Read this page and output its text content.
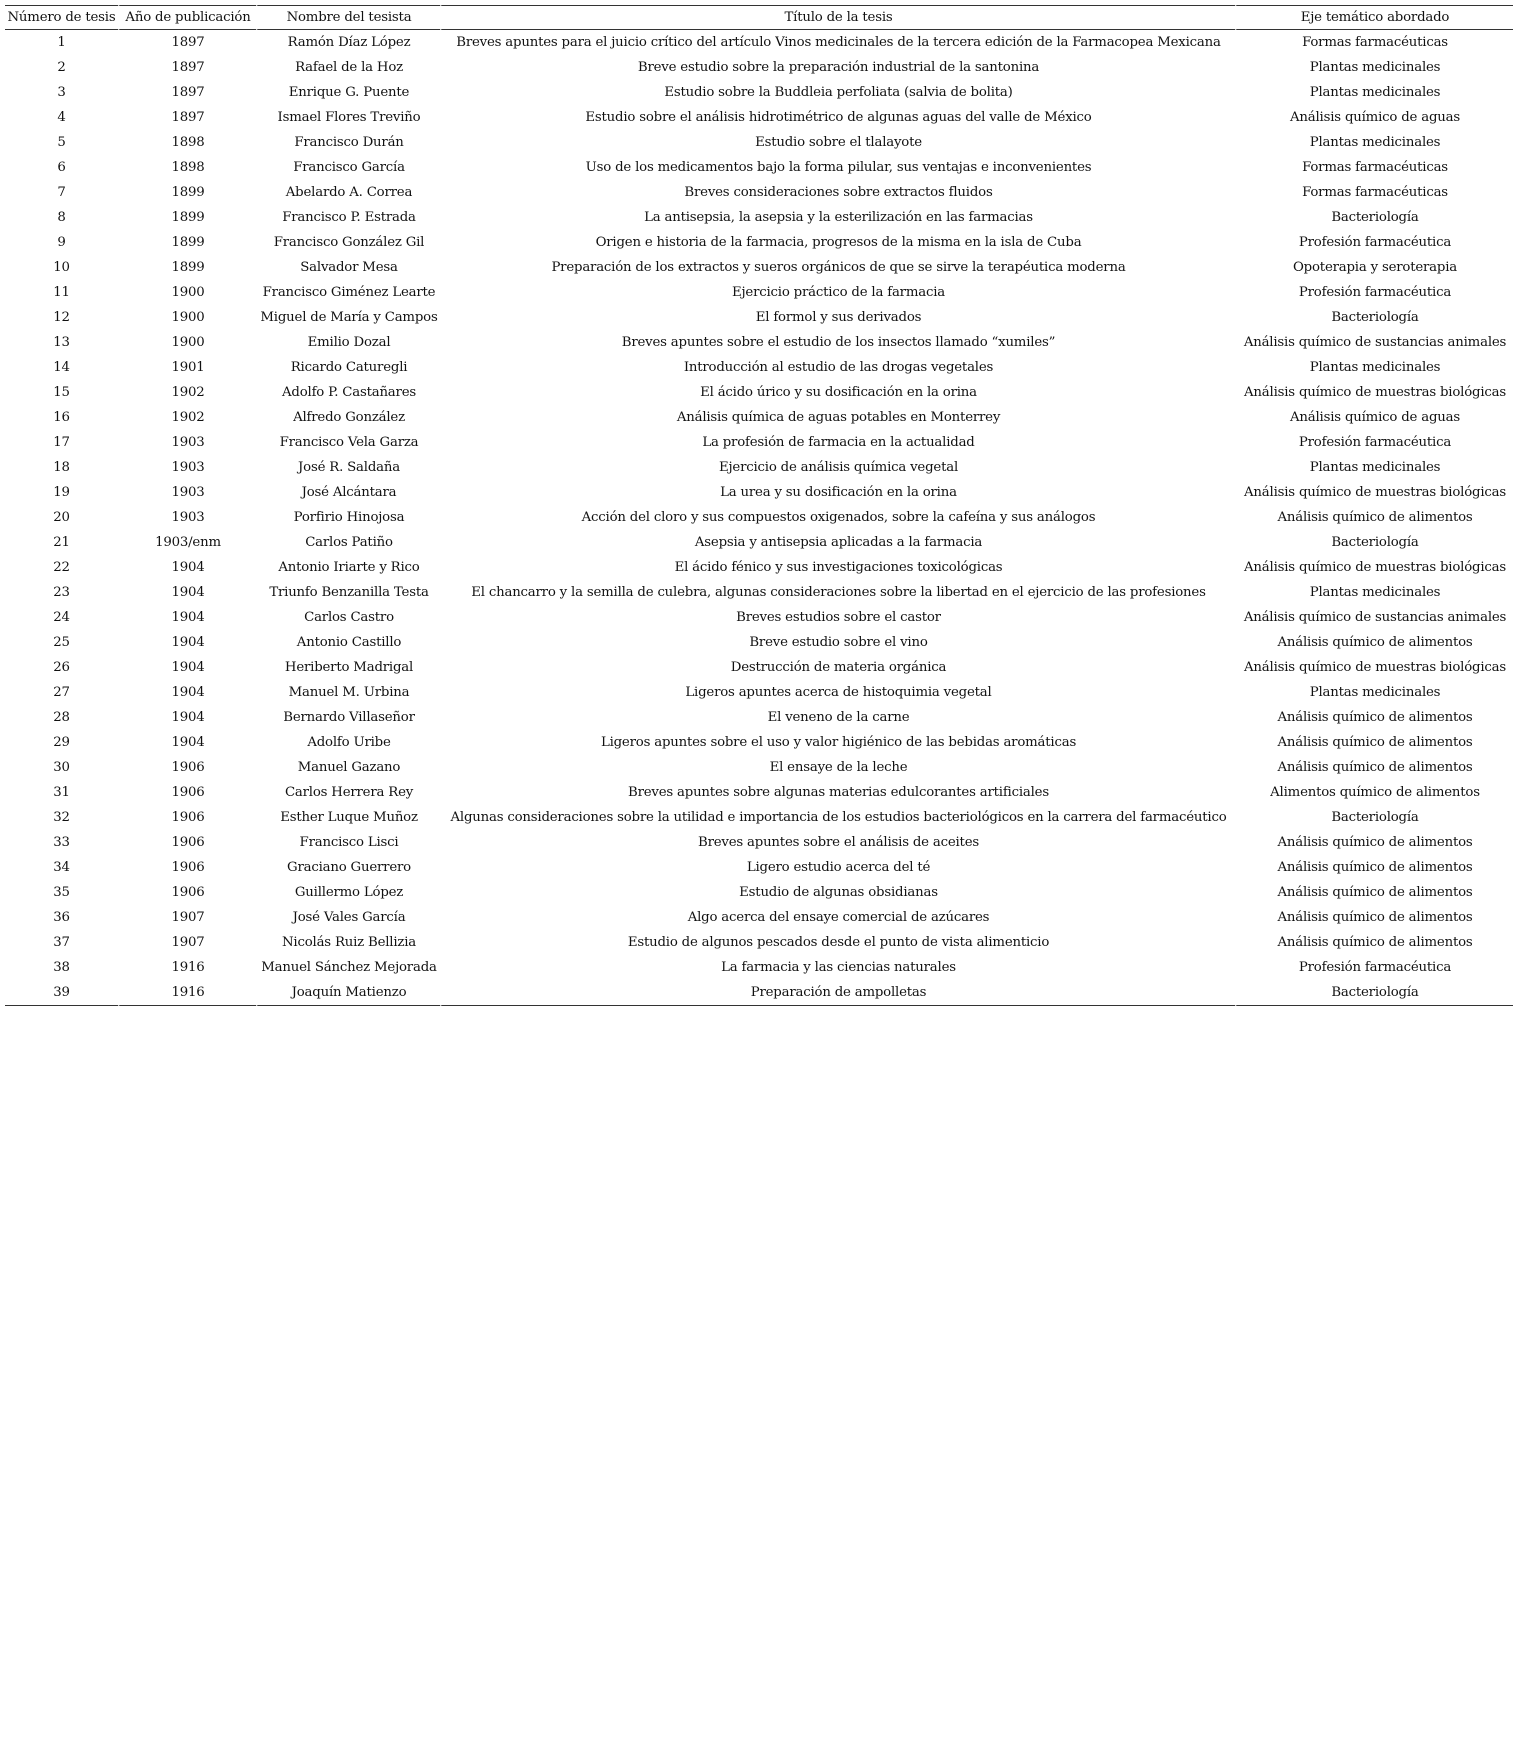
Número de tesis	Año de publicación	Nombre del tesista	Título de la tesis	Eje temático abordado
1	1897	Ramón Díaz López	Breves apuntes para el juicio crítico del artículo Vinos medicinales de la tercera edición de la Farmacopea Mexicana	Formas farmacéuticas
2	1897	Rafael de la Hoz	Breve estudio sobre la preparación industrial de la santonina	Plantas medicinales
3	1897	Enrique G. Puente	Estudio sobre la Buddleia perfoliata (salvia de bolita)	Plantas medicinales
4	1897	Ismael Flores Treviño	Estudio sobre el análisis hidrotimétrico de algunas aguas del valle de México	Análisis químico de aguas
5	1898	Francisco Durán	Estudio sobre el tlalayote	Plantas medicinales
6	1898	Francisco García	Uso de los medicamentos bajo la forma pilular, sus ventajas e inconvenientes	Formas farmacéuticas
7	1899	Abelardo A. Correa	Breves consideraciones sobre extractos fluidos	Formas farmacéuticas
8	1899	Francisco P. Estrada	La antisepsia, la asepsia y la esterilización en las farmacias	Bacteriología
9	1899	Francisco González Gil	Origen e historia de la farmacia, progresos de la misma en la isla de Cuba	Profesión farmacéutica
10	1899	Salvador Mesa	Preparación de los extractos y sueros orgánicos de que se sirve la terapéutica moderna	Opoterapia y seroterapia
11	1900	Francisco Giménez Learte	Ejercicio práctico de la farmacia	Profesión farmacéutica
12	1900	Miguel de María y Campos	El formol y sus derivados	Bacteriología
13	1900	Emilio Dozal	Breves apuntes sobre el estudio de los insectos llamado “xumiles”	Análisis químico de sustancias animales
14	1901	Ricardo Caturegli	Introducción al estudio de las drogas vegetales	Plantas medicinales
15	1902	Adolfo P. Castañares	El ácido úrico y su dosificación en la orina	Análisis químico de muestras biológicas
16	1902	Alfredo González	Análisis química de aguas potables en Monterrey	Análisis químico de aguas
17	1903	Francisco Vela Garza	La profesión de farmacia en la actualidad	Profesión farmacéutica
18	1903	José R. Saldaña	Ejercicio de análisis química vegetal	Plantas medicinales
19	1903	José Alcántara	La urea y su dosificación en la orina	Análisis químico de muestras biológicas
20	1903	Porfirio Hinojosa	Acción del cloro y sus compuestos oxigenados, sobre la cafeína y sus análogos	Análisis químico de alimentos
21	1903/enm	Carlos Patiño	Asepsia y antisepsia aplicadas a la farmacia	Bacteriología
22	1904	Antonio Iriarte y Rico	El ácido fénico y sus investigaciones toxicológicas	Análisis químico de muestras biológicas
23	1904	Triunfo Benzanilla Testa	El chancarro y la semilla de culebra, algunas consideraciones sobre la libertad en el ejercicio de las profesiones	Plantas medicinales
24	1904	Carlos Castro	Breves estudios sobre el castor	Análisis químico de sustancias animales
25	1904	Antonio Castillo	Breve estudio sobre el vino	Análisis químico de alimentos
26	1904	Heriberto Madrigal	Destrucción de materia orgánica	Análisis químico de muestras biológicas
27	1904	Manuel M. Urbina	Ligeros apuntes acerca de histoquimia vegetal	Plantas medicinales
28	1904	Bernardo Villaseñor	El veneno de la carne	Análisis químico de alimentos
29	1904	Adolfo Uribe	Ligeros apuntes sobre el uso y valor higiénico de las bebidas aromáticas	Análisis químico de alimentos
30	1906	Manuel Gazano	El ensaye de la leche	Análisis químico de alimentos
31	1906	Carlos Herrera Rey	Breves apuntes sobre algunas materias edulcorantes artificiales	Alimentos químico de alimentos
32	1906	Esther Luque Muñoz	Algunas consideraciones sobre la utilidad e importancia de los estudios bacteriológicos en la carrera del farmacéutico	Bacteriología
33	1906	Francisco Lisci	Breves apuntes sobre el análisis de aceites	Análisis químico de alimentos
34	1906	Graciano Guerrero	Ligero estudio acerca del té	Análisis químico de alimentos
35	1906	Guillermo López	Estudio de algunas obsidianas	Análisis químico de alimentos
36	1907	José Vales García	Algo acerca del ensaye comercial de azúcares	Análisis químico de alimentos
37	1907	Nicolás Ruiz Bellizia	Estudio de algunos pescados desde el punto de vista alimenticio	Análisis químico de alimentos
38	1916	Manuel Sánchez Mejorada	La farmacia y las ciencias naturales	Profesión farmacéutica
39	1916	Joaquín Matienzo	Preparación de ampolletas	Bacteriología
